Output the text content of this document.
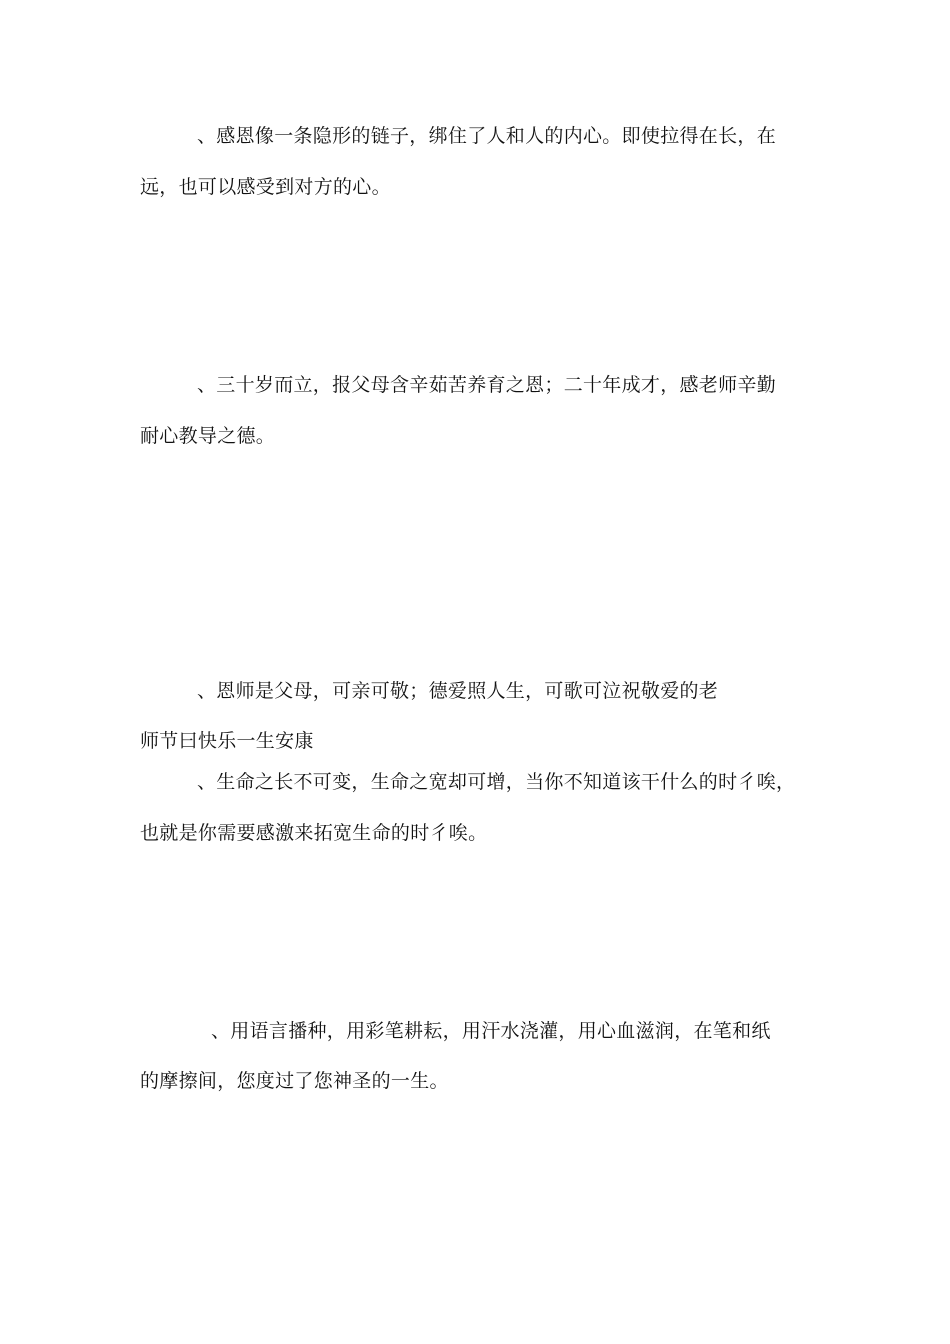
、感恩像一条隐形的链子，绑住了人和人的内心。即使拉得在长，在
远，也可以感受到对方的心。
、三十岁而立，报父母含辛茹苦养育之恩；二十年成才，感老师辛勤
耐心教导之德。
、恩师是父母，可亲可敬；德爱照人生，可歌可泣祝敬爱的老
师节曰快乐一生安康
、生命之长不可变，生命之宽却可增，当你不知道该干什么的时彳唉，
也就是你需要感激来拓宽生命的时彳唉。
、用语言播种，用彩笔耕耘，用汗水浇灌，用心血滋润，在笔和纸
的摩擦间，您度过了您神圣的一生。
